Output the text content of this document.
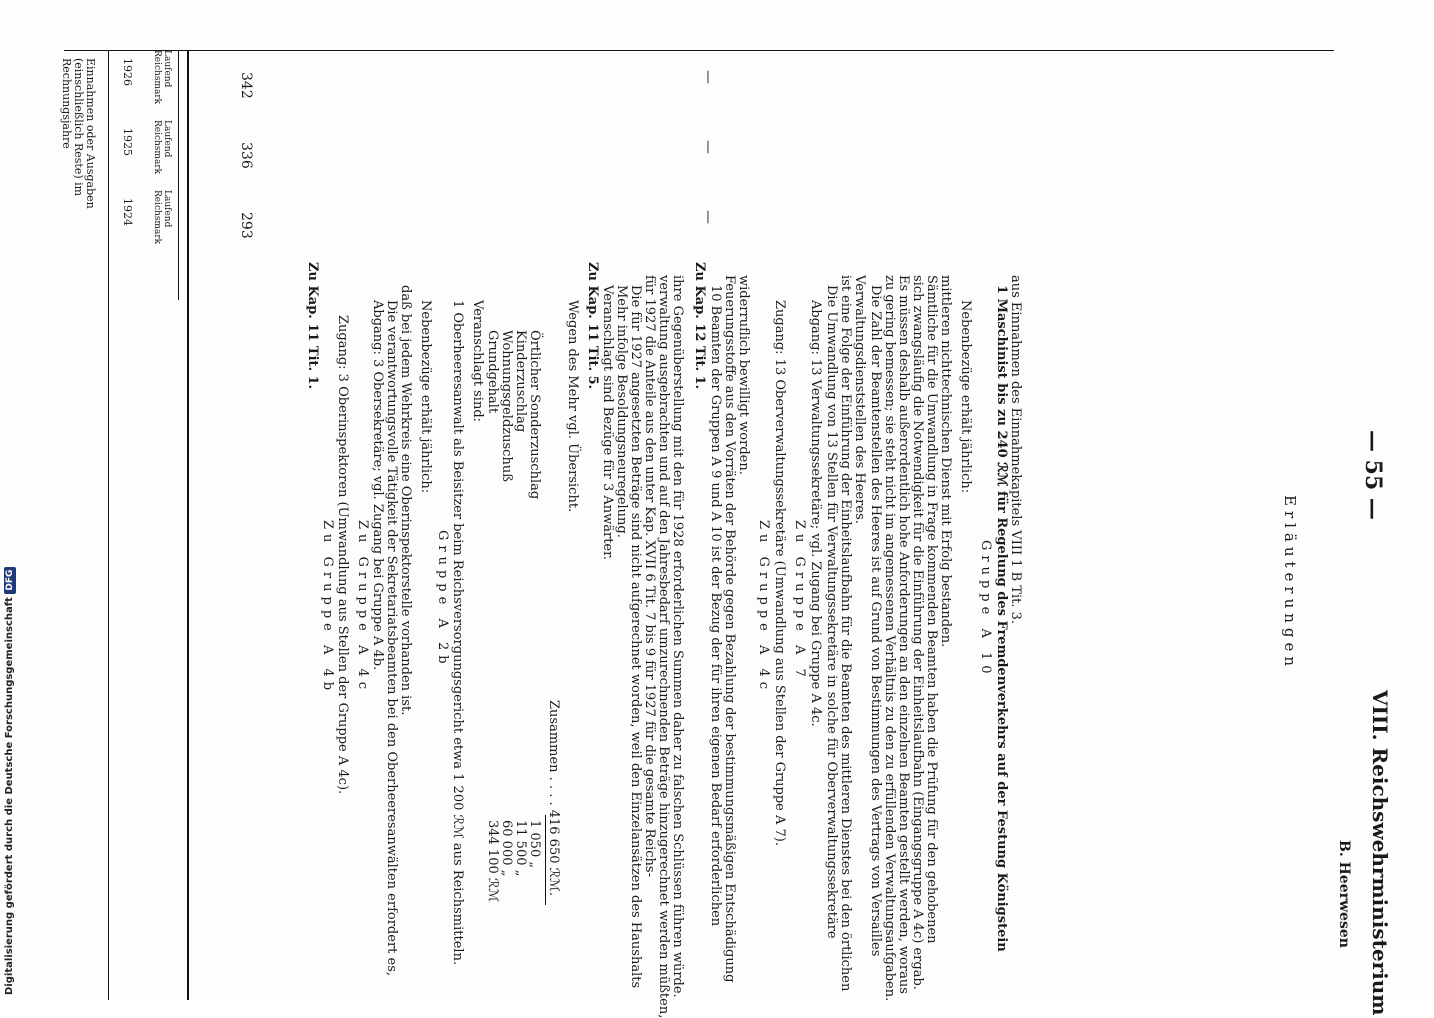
— 55 —
VIII. Reichswehrministerium
B. Heerwesen
Erläuterungen
Einnahmen oder Ausgaben (einschließlich Reste) im Rechnungsjahre	1926
1925
1924
Laufend Reichsmark
Laufend Reichsmark
Laufend Reichsmark
342
336
293
—
—
—
Zu Kap. 11 Tit. 1.
Zu Gruppe A 4b Zugang: 3 Oberinspektoren (Umwandlung aus Stellen der Gruppe A 4c). Zu Gruppe A 4c Abgang: 3 Obersekretäre; vgl. Zugang bei Gruppe A 4b. Die verantwortungsvolle Tätigkeit der Sekretariatsbeamten bei den Oberheeresanwälten erfordert es, daß bei jedem Wehrkreis eine Oberinspektorstelle vorhanden ist. Nebenbezüge erhält jährlich:
Gruppe A 2b 1 Oberheeresanwalt als Beisitzer beim Reichsversorgungsgericht etwa 1 200 ℛℳ aus Reichsmitteln. Veranschlagt sind: Grundgehalt
344 100 ℛℳ
Wohnungsgeldzuschuß
60 000 „
Kinderzuschlag
11 500 „
Örtlicher Sonderzuschlag
1 050 „ Zusammen . . . . 416 650 ℛℳ.
Wegen des Mehr vgl. Übersicht. Zu Kap. 11 Tit. 5. Veranschlagt sind Bezüge für 3 Anwärter. Mehr infolge Besoldungsneuregelung. Die für 1927 angesetzten Beträge sind nicht aufgerechnet worden, weil den Einzelansätzen des Haushalts für 1927 die Anteile aus den unter Kap. XVII 6 Tit. 7 bis 9 für 1927 für die gesamte Reichs- verwaltung ausgebrachten und auf den Jahresbedarf umzurechnenden Beträge hinzugerechnet werden müßten, ihre Gegenüberstellung mit den für 1928 erforderlichen Summen daher zu falschen Schlüssen führen würde. Zu Kap. 12 Tit. 1. 10 Beamten der Gruppen A 9 und A 10 ist der Bezug der für ihren eigenen Bedarf erforderlichen Feuerungsstoffe aus den Vorräten der Behörde gegen Bezahlung der bestimmungsmäßigen Entschädigung widerruflich bewilligt worden.
Zu Gruppe A 4c Zugang: 13 Oberverwaltungssekretäre (Umwandlung aus Stellen der Gruppe A 7). Zu Gruppe A 7 Abgang: 13 Verwaltungssekretäre; vgl. Zugang bei Gruppe A 4c. Die Umwandlung von 13 Stellen für Verwaltungssekretäre in solche für Oberverwaltungssekretäre ist eine Folge der Einführung der Einheitslaufbahn für die Beamten des mittleren Dienstes bei den örtlichen Verwaltungsdienststellen des Heeres. Die Zahl der Beamtenstellen des Heeres ist auf Grund von Bestimmungen des Vertrags von Versailles zu gering bemessen; sie steht nicht im angemessenen Verhältnis zu den zu erfüllenden Verwaltungsaufgaben. Es müssen deshalb außerordentlich hohe Anforderungen an den einzelnen Beamten gestellt werden, woraus sich zwangsläufig die Notwendigkeit für die Einführung der Einheitslaufbahn (Eingangsgruppe A 4c) ergab. Sämtliche für die Umwandlung in Frage kommenden Beamten haben die Prüfung für den gehobenen mittleren nichttechnischen Dienst mit Erfolg bestanden. Nebenbezüge erhält jährlich:
Gruppe A 10 1 Maschinist bis zu 240 ℛℳ für Regelung des Fremdenverkehrs auf der Festung Königstein aus Einnahmen des Einnahmekapitels VIII 1 B Tit. 3.
Digitalisierung gefördert durch die Deutsche Forschungsgemeinschaft DFG
